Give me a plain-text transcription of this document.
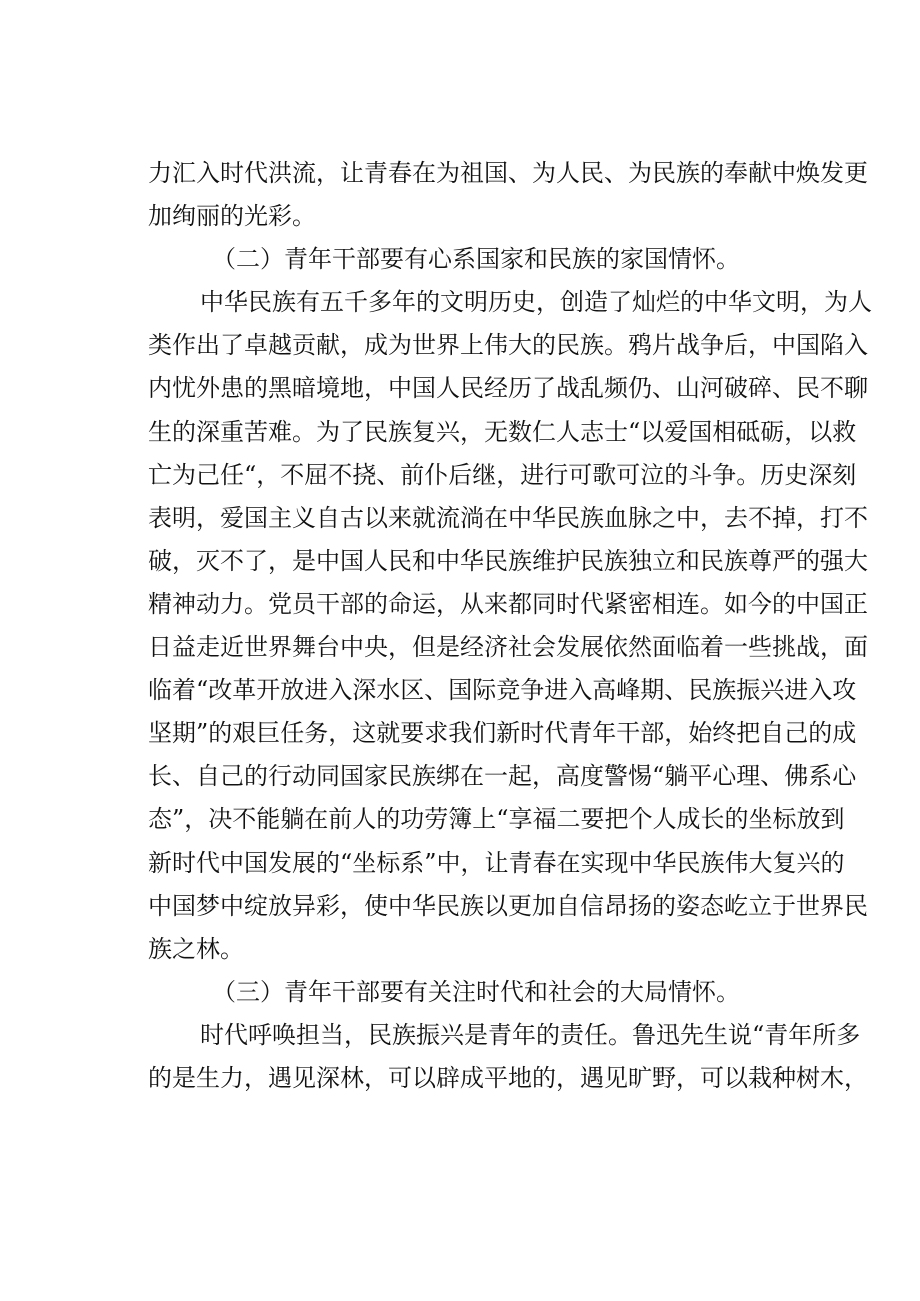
力汇入时代洪流，让青春在为祖国、为人民、为民族的奉献中焕发更
加绚丽的光彩。
（二）青年干部要有心系国家和民族的家国情怀。
中华民族有五千多年的文明历史，创造了灿烂的中华文明，为人
类作出了卓越贡献，成为世界上伟大的民族。鸦片战争后，中国陷入
内忧外患的黑暗境地，中国人民经历了战乱频仍、山河破碎、民不聊
生的深重苦难。为了民族复兴，无数仁人志士“以爱国相砥砺，以救
亡为己任“，不屈不挠、前仆后继，进行可歌可泣的斗争。历史深刻
表明，爱国主义自古以来就流淌在中华民族血脉之中，去不掉，打不
破，灭不了，是中国人民和中华民族维护民族独立和民族尊严的强大
精神动力。党员干部的命运，从来都同时代紧密相连。如今的中国正
日益走近世界舞台中央，但是经济社会发展依然面临着一些挑战，面
临着“改革开放进入深水区、国际竞争进入高峰期、民族振兴进入攻
坚期”的艰巨任务，这就要求我们新时代青年干部，始终把自己的成
长、自己的行动同国家民族绑在一起，高度警惕“躺平心理、佛系心
态”，决不能躺在前人的功劳簿上“享福二要把个人成长的坐标放到
新时代中国发展的“坐标系”中，让青春在实现中华民族伟大复兴的
中国梦中绽放异彩，使中华民族以更加自信昂扬的姿态屹立于世界民
族之林。
（三）青年干部要有关注时代和社会的大局情怀。
时代呼唤担当，民族振兴是青年的责任。鲁迅先生说“青年所多
的是生力，遇见深林，可以辟成平地的，遇见旷野，可以栽种树木，
